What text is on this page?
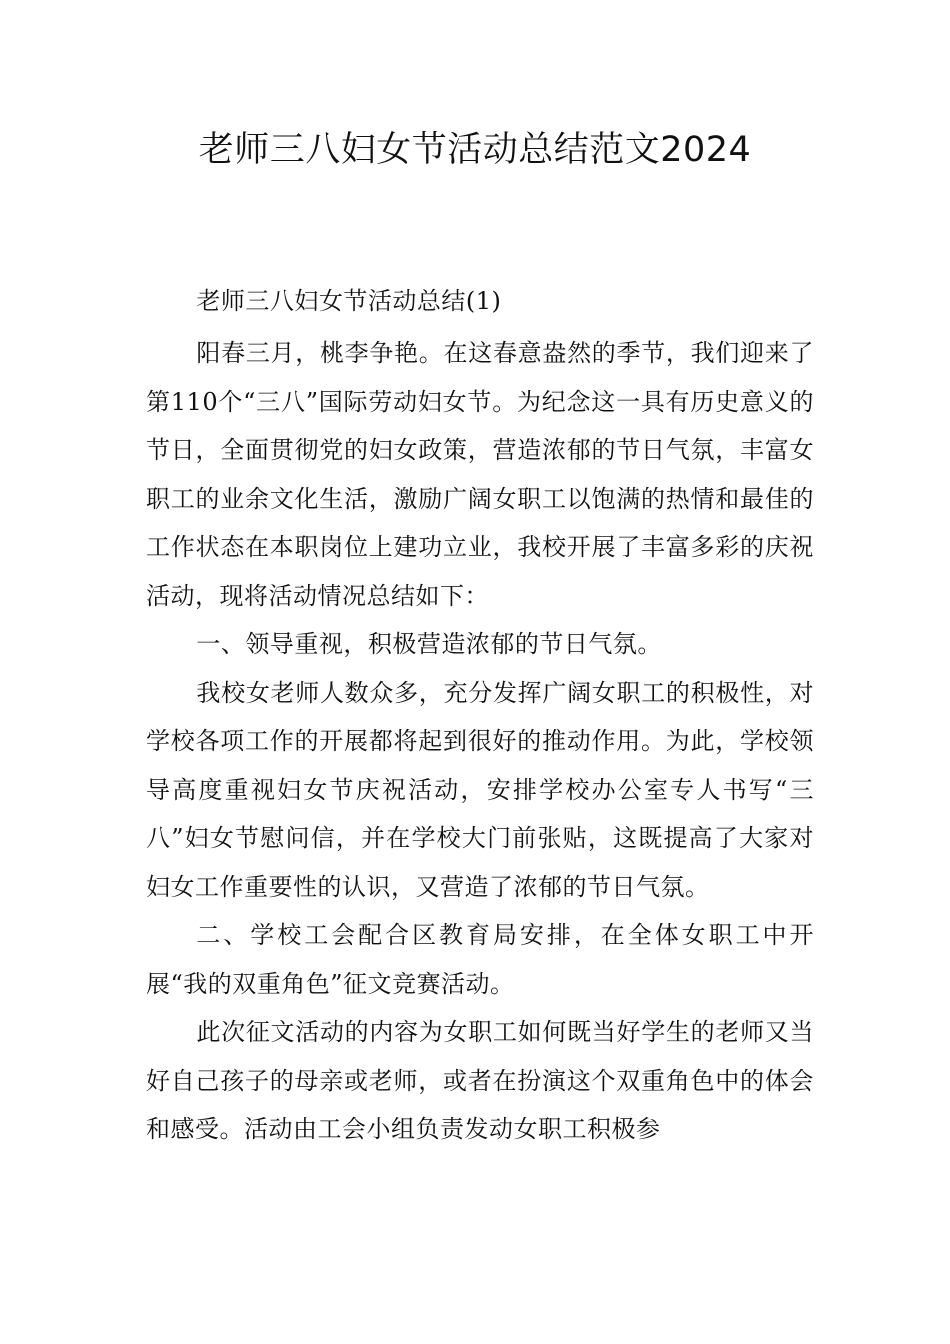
老师三八妇女节活动总结范文2024

老师三八妇女节活动总结(1)

阳春三月，桃李争艳。在这春意盎然的季节，我们迎来了第110个“三八”国际劳动妇女节。为纪念这一具有历史意义的节日，全面贯彻党的妇女政策，营造浓郁的节日气氛，丰富女职工的业余文化生活，激励广阔女职工以饱满的热情和最佳的工作状态在本职岗位上建功立业，我校开展了丰富多彩的庆祝活动，现将活动情况总结如下：

一、领导重视，积极营造浓郁的节日气氛。

我校女老师人数众多，充分发挥广阔女职工的积极性，对学校各项工作的开展都将起到很好的推动作用。为此，学校领导高度重视妇女节庆祝活动，安排学校办公室专人书写“三八”妇女节慰问信，并在学校大门前张贴，这既提高了大家对妇女工作重要性的认识，又营造了浓郁的节日气氛。

二、学校工会配合区教育局安排，在全体女职工中开展“我的双重角色”征文竞赛活动。

此次征文活动的内容为女职工如何既当好学生的老师又当好自己孩子的母亲或老师，或者在扮演这个双重角色中的体会和感受。活动由工会小组负责发动女职工积极参
